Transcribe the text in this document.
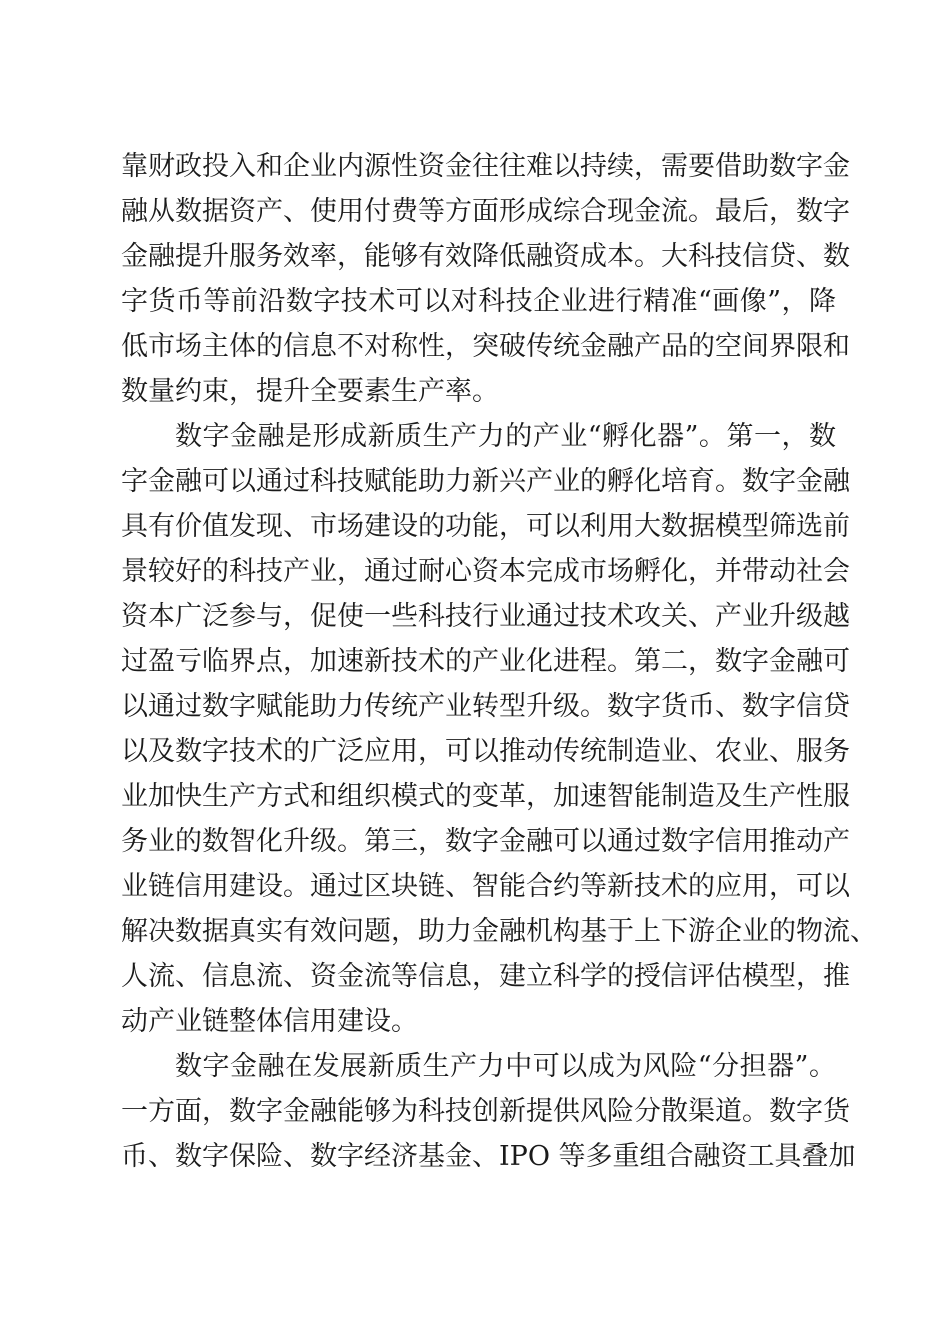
靠财政投入和企业内源性资金往往难以持续，需要借助数字金
融从数据资产、使用付费等方面形成综合现金流。最后，数字
金融提升服务效率，能够有效降低融资成本。大科技信贷、数
字货币等前沿数字技术可以对科技企业进行精准“画像”，降
低市场主体的信息不对称性，突破传统金融产品的空间界限和
数量约束，提升全要素生产率。
数字金融是形成新质生产力的产业“孵化器”。第一，数
字金融可以通过科技赋能助力新兴产业的孵化培育。数字金融
具有价值发现、市场建设的功能，可以利用大数据模型筛选前
景较好的科技产业，通过耐心资本完成市场孵化，并带动社会
资本广泛参与，促使一些科技行业通过技术攻关、产业升级越
过盈亏临界点，加速新技术的产业化进程。第二，数字金融可
以通过数字赋能助力传统产业转型升级。数字货币、数字信贷
以及数字技术的广泛应用，可以推动传统制造业、农业、服务
业加快生产方式和组织模式的变革，加速智能制造及生产性服
务业的数智化升级。第三，数字金融可以通过数字信用推动产
业链信用建设。通过区块链、智能合约等新技术的应用，可以
解决数据真实有效问题，助力金融机构基于上下游企业的物流、
人流、信息流、资金流等信息，建立科学的授信评估模型，推
动产业链整体信用建设。
数字金融在发展新质生产力中可以成为风险“分担器”。
一方面，数字金融能够为科技创新提供风险分散渠道。数字货
币、数字保险、数字经济基金、IPO 等多重组合融资工具叠加
